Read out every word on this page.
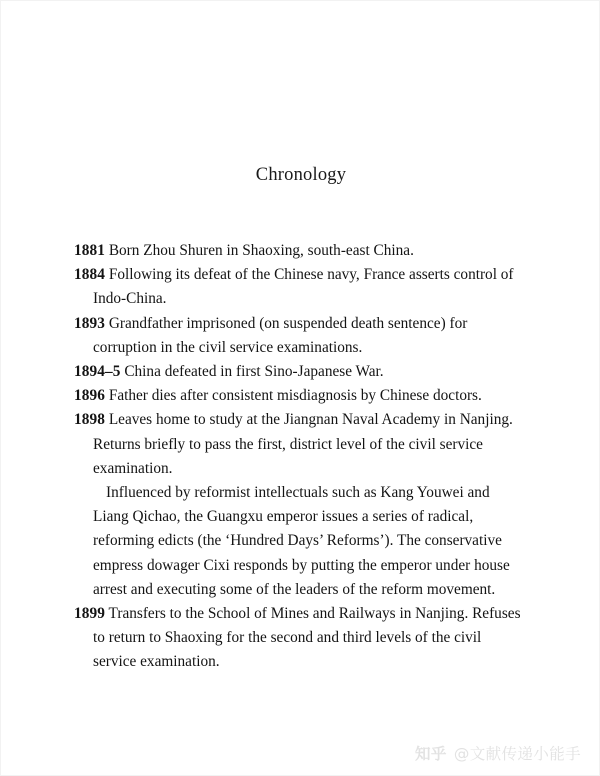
Chronology

1881 Born Zhou Shuren in Shaoxing, south-east China.

1884 Following its defeat of the Chinese navy, France asserts control of Indo-China.

1893 Grandfather imprisoned (on suspended death sentence) for corruption in the civil service examinations.

1894–5 China defeated in first Sino-Japanese War.

1896 Father dies after consistent misdiagnosis by Chinese doctors.

1898 Leaves home to study at the Jiangnan Naval Academy in Nanjing. Returns briefly to pass the first, district level of the civil service examination.

Influenced by reformist intellectuals such as Kang Youwei and Liang Qichao, the Guangxu emperor issues a series of radical, reforming edicts (the ‘Hundred Days’ Reforms’). The conservative empress dowager Cixi responds by putting the emperor under house arrest and executing some of the leaders of the reform movement.

1899 Transfers to the School of Mines and Railways in Nanjing. Refuses to return to Shaoxing for the second and third levels of the civil service examination.

知乎 @文献传递小能手
